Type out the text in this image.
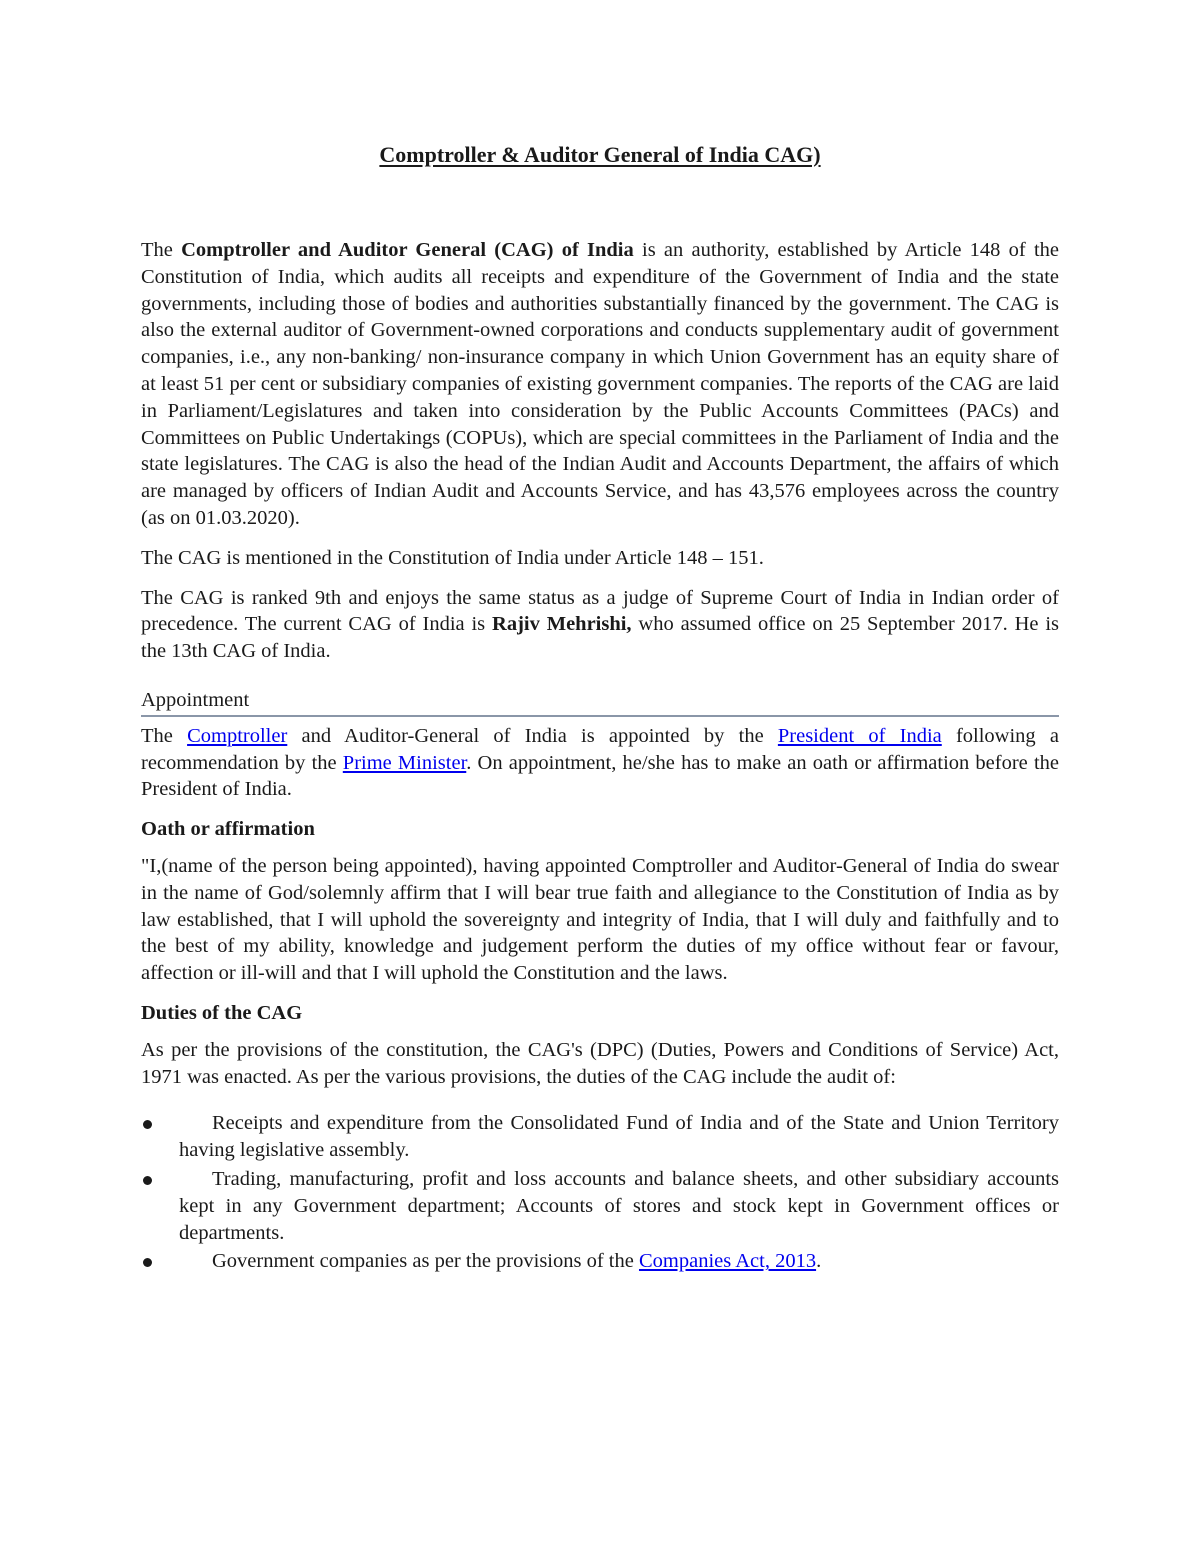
Comptroller & Auditor General of India CAG)

The Comptroller and Auditor General (CAG) of India is an authority, established by Article 148 of the Constitution of India, which audits all receipts and expenditure of the Government of India and the state governments, including those of bodies and authorities substantially financed by the government. The CAG is also the external auditor of Government-owned corporations and conducts supplementary audit of government companies, i.e., any non-banking/ non-insurance company in which Union Government has an equity share of at least 51 per cent or subsidiary companies of existing government companies. The reports of the CAG are laid in Parliament/Legislatures and taken into consideration by the Public Accounts Committees (PACs) and Committees on Public Undertakings (COPUs), which are special committees in the Parliament of India and the state legislatures. The CAG is also the head of the Indian Audit and Accounts Department, the affairs of which are managed by officers of Indian Audit and Accounts Service, and has 43,576 employees across the country (as on 01.03.2020).

The CAG is mentioned in the Constitution of India under Article 148 – 151.

The CAG is ranked 9th and enjoys the same status as a judge of Supreme Court of India in Indian order of precedence. The current CAG of India is Rajiv Mehrishi, who assumed office on 25 September 2017. He is the 13th CAG of India.

Appointment

The Comptroller and Auditor-General of India is appointed by the President of India following a recommendation by the Prime Minister. On appointment, he/she has to make an oath or affirmation before the President of India.

Oath or affirmation

"I,(name of the person being appointed), having appointed Comptroller and Auditor-General of India do swear in the name of God/solemnly affirm that I will bear true faith and allegiance to the Constitution of India as by law established, that I will uphold the sovereignty and integrity of India, that I will duly and faithfully and to the best of my ability, knowledge and judgement perform the duties of my office without fear or favour, affection or ill-will and that I will uphold the Constitution and the laws.

Duties of the CAG

As per the provisions of the constitution, the CAG's (DPC) (Duties, Powers and Conditions of Service) Act, 1971 was enacted. As per the various provisions, the duties of the CAG include the audit of:

Receipts and expenditure from the Consolidated Fund of India and of the State and Union Territory having legislative assembly.
Trading, manufacturing, profit and loss accounts and balance sheets, and other subsidiary accounts kept in any Government department; Accounts of stores and stock kept in Government offices or departments.
Government companies as per the provisions of the Companies Act, 2013.
